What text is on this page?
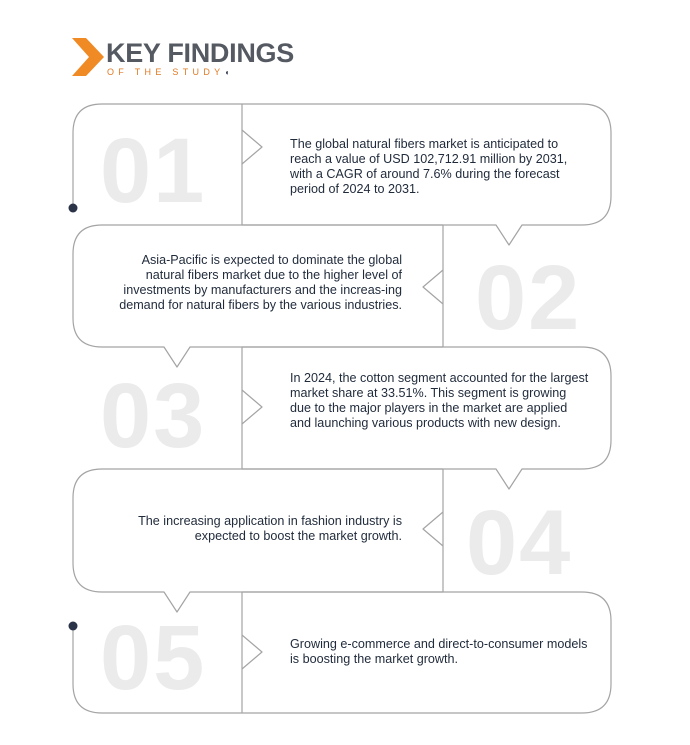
KEY FINDINGS
OF THE STUDY◖
01	The global natural fibers market is anticipated to reach a value of USD 102,712.91 million by 2031, with a CAGR of around 7.6% during the forecast period of 2024 to 2031.
02
Asia-Pacific is expected to dominate the global natural fibers market due to the higher level of investments by manufacturers and the increas-ing demand for natural fibers by the various industries.
03	In 2024, the cotton segment accounted for the largest market share at 33.51%. This segment is growing due to the major players in the market are applied and launching various products with new design.
04
The increasing application in fashion industry is expected to boost the market growth.
05	Growing e-commerce and direct-to-consumer models is boosting the market growth.
